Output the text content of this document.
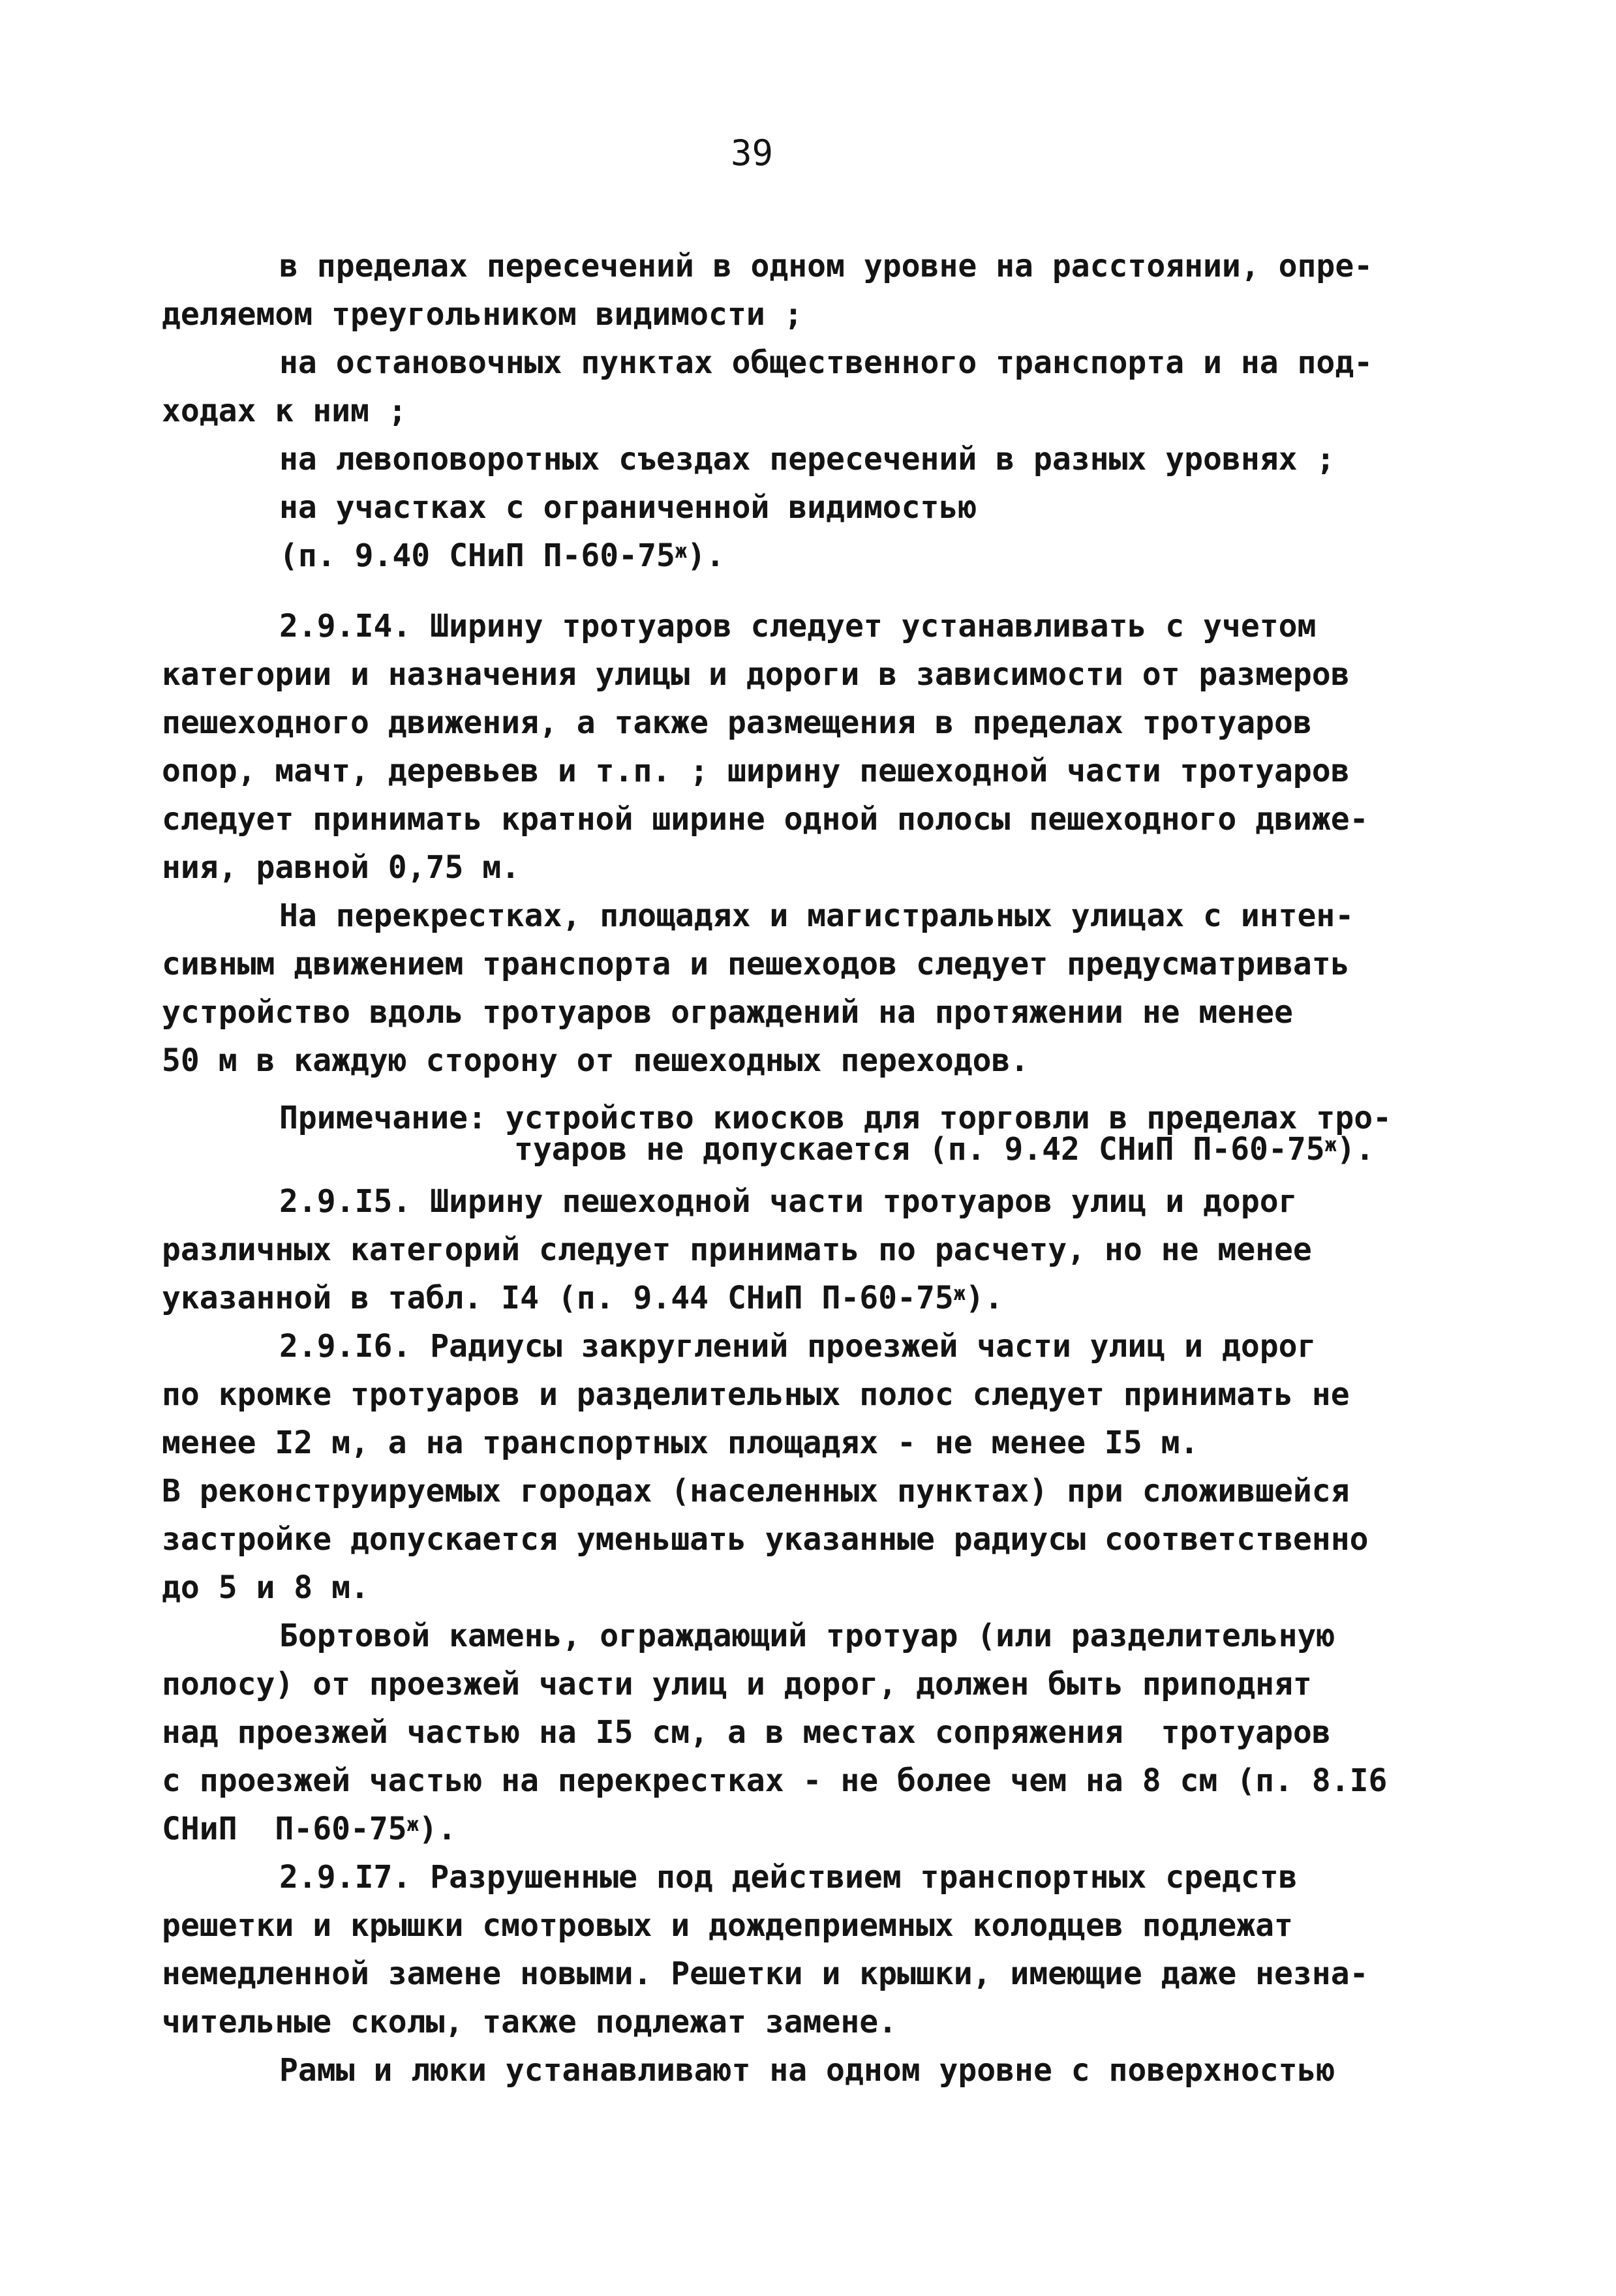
39
в пределах пересечений в одном уровне на расстоянии, опре-
деляемом треугольником видимости ;
на остановочных пунктах общественного транспорта и на под-
ходах к ним ;
на левоповоротных съездах пересечений в разных уровнях ;
на участках с ограниченной видимостью
(п. 9.40 СНиП $П-60-75^ж$).
2.9.I4. Ширину тротуаров следует устанавливать с учетом
категории и назначения улицы и дороги в зависимости от размеров
пешеходного движения, а также размещения в пределах тротуаров
опор, мачт, деревьев и т.п. ; ширину пешеходной части тротуаров
следует принимать кратной ширине одной полосы пешеходного движе-
ния, равной 0,75 м.
На перекрестках, площадях и магистральных улицах с интен-
сивным движением транспорта и пешеходов следует предусматривать
устройство вдоль тротуаров ограждений на протяжении не менее
50 м в каждую сторону от пешеходных переходов.
Примечание: устройство киосков для торговли в пределах тро-
туаров не допускается (п. 9.42 СНиП $П-60-75^ж$).
2.9.I5. Ширину пешеходной части тротуаров улиц и дорог
различных категорий следует принимать по расчету, но не менее
указанной в табл. I4 (п. 9.44 СНиП $П-60-75^ж$).
2.9.I6. Радиусы закруглений проезжей части улиц и дорог
по кромке тротуаров и разделительных полос следует принимать не
менее I2 м, а на транспортных площадях - не менее I5 м.
В реконструируемых городах (населенных пунктах) при сложившейся
застройке допускается уменьшать указанные радиусы соответственно
до 5 и 8 м.
Бортовой камень, ограждающий тротуар (или разделительную
полосу) от проезжей части улиц и дорог, должен быть приподнят
над проезжей частью на I5 см, а в местах сопряжения  тротуаров
с проезжей частью на перекрестках - не более чем на 8 см (п. 8.I6
СНиП  $П-60-75^ж$).
2.9.I7. Разрушенные под действием транспортных средств
решетки и крышки смотровых и дождеприемных колодцев подлежат
немедленной замене новыми. Решетки и крышки, имеющие даже незна-
чительные сколы, также подлежат замене.
Рамы и люки устанавливают на одном уровне с поверхностью
